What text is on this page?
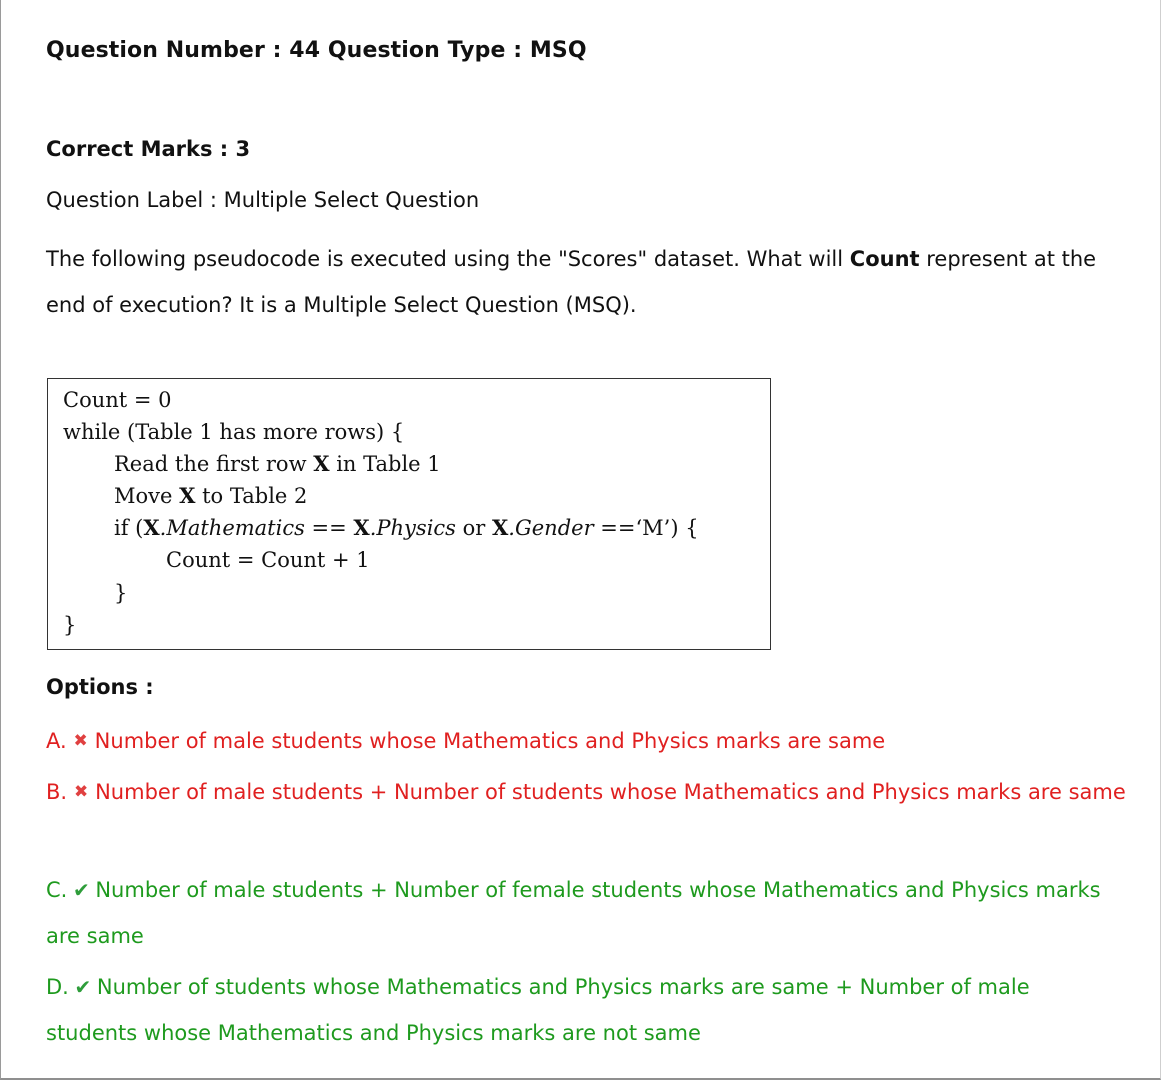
Question Number : 44 Question Type : MSQ
Correct Marks : 3
Question Label : Multiple Select Question
The following pseudocode is executed using the "Scores" dataset. What will Count represent at the end of execution? It is a Multiple Select Question (MSQ).
Count = 0
while (Table 1 has more rows) {
Read the first row X in Table 1
Move X to Table 2
if (X.Mathematics == X.Physics or X.Gender ==‘M’) {
Count = Count + 1
}
}
Options :
A. ✖ Number of male students whose Mathematics and Physics marks are same
B. ✖ Number of male students + Number of students whose Mathematics and Physics marks are same
C. ✔ Number of male students + Number of female students whose Mathematics and Physics marks are same
D. ✔ Number of students whose Mathematics and Physics marks are same + Number of male students whose Mathematics and Physics marks are not same
